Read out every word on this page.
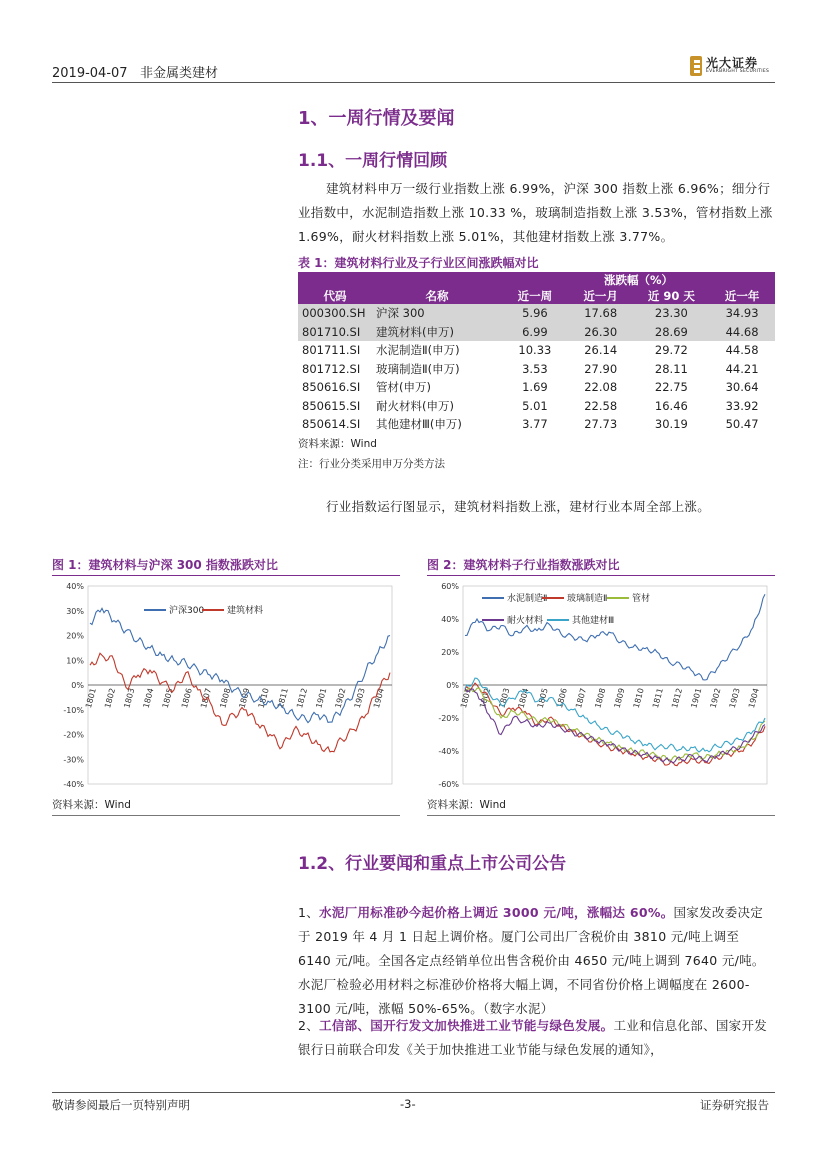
2019-04-07 非金属类建材
光大证券
EVERBRIGHT SECURITIES
1、一周行情及要闻
1.1、一周行情回顾
建筑材料申万一级行业指数上涨 6.99%，沪深 300 指数上涨 6.96%；细分行业指数中，水泥制造指数上涨 10.33 %，玻璃制造指数上涨 3.53%，管材指数上涨 1.69%，耐火材料指数上涨 5.01%，其他建材指数上涨 3.77%。
表 1：建筑材料行业及子行业区间涨跌幅对比
		涨跌幅（%）			
代码	名称	近一周	近一月	近 90 天	近一年
000300.SH	沪深 300	5.96	17.68	23.30	34.93
801710.SI	建筑材料(申万)	6.99	26.30	28.69	44.68
801711.SI	水泥制造Ⅱ(申万)	10.33	26.14	29.72	44.58
801712.SI	玻璃制造Ⅱ(申万)	3.53	27.90	28.11	44.21
850616.SI	管材(申万)	1.69	22.08	22.75	30.64
850615.SI	耐火材料(申万)	5.01	22.58	16.46	33.92
850614.SI	其他建材Ⅲ(申万)	3.77	27.73	30.19	50.47
资料来源：Wind
注：行业分类采用申万分类方法
行业指数运行图显示，建筑材料指数上涨，建材行业本周全部上涨。
图 1：建筑材料与沪深 300 指数涨跌对比	图 2：建筑材料子行业指数涨跌对比
40%
30%
20%
10%
0%
-10%
-20%
-30%
-40%
1801 1802 1803 1804 1805 1806 1807 1808 1809 1810 1811 1812 1901 1902 1903 1904
沪深300	建筑材料
60%
40%
20%
0%
-20%
-40%
-60%
1801 1802 1803 1804 1805 1806 1807 1808 1809 1810 1811 1812 1901 1902 1903 1904
水泥制造Ⅱ 玻璃制造Ⅱ	管材
耐火材料	其他建材Ⅲ
资料来源：Wind	资料来源：Wind
1.2、行业要闻和重点上市公司公告
1、水泥厂用标准砂今起价格上调近 3000 元/吨，涨幅达 60%。国家发改委决定于 2019 年 4 月 1 日起上调价格。厦门公司出厂含税价由 3810 元/吨上调至 6140 元/吨。全国各定点经销单位出售含税价由 4650 元/吨上调到 7640 元/吨。水泥厂检验必用材料之标准砂价格将大幅上调，不同省份价格上调幅度在 2600-3100 元/吨，涨幅 50%-65%。（数字水泥）
2、工信部、国开行发文加快推进工业节能与绿色发展。工业和信息化部、国家开发银行日前联合印发《关于加快推进工业节能与绿色发展的通知》，
敬请参阅最后一页特别声明	-3-	证券研究报告
